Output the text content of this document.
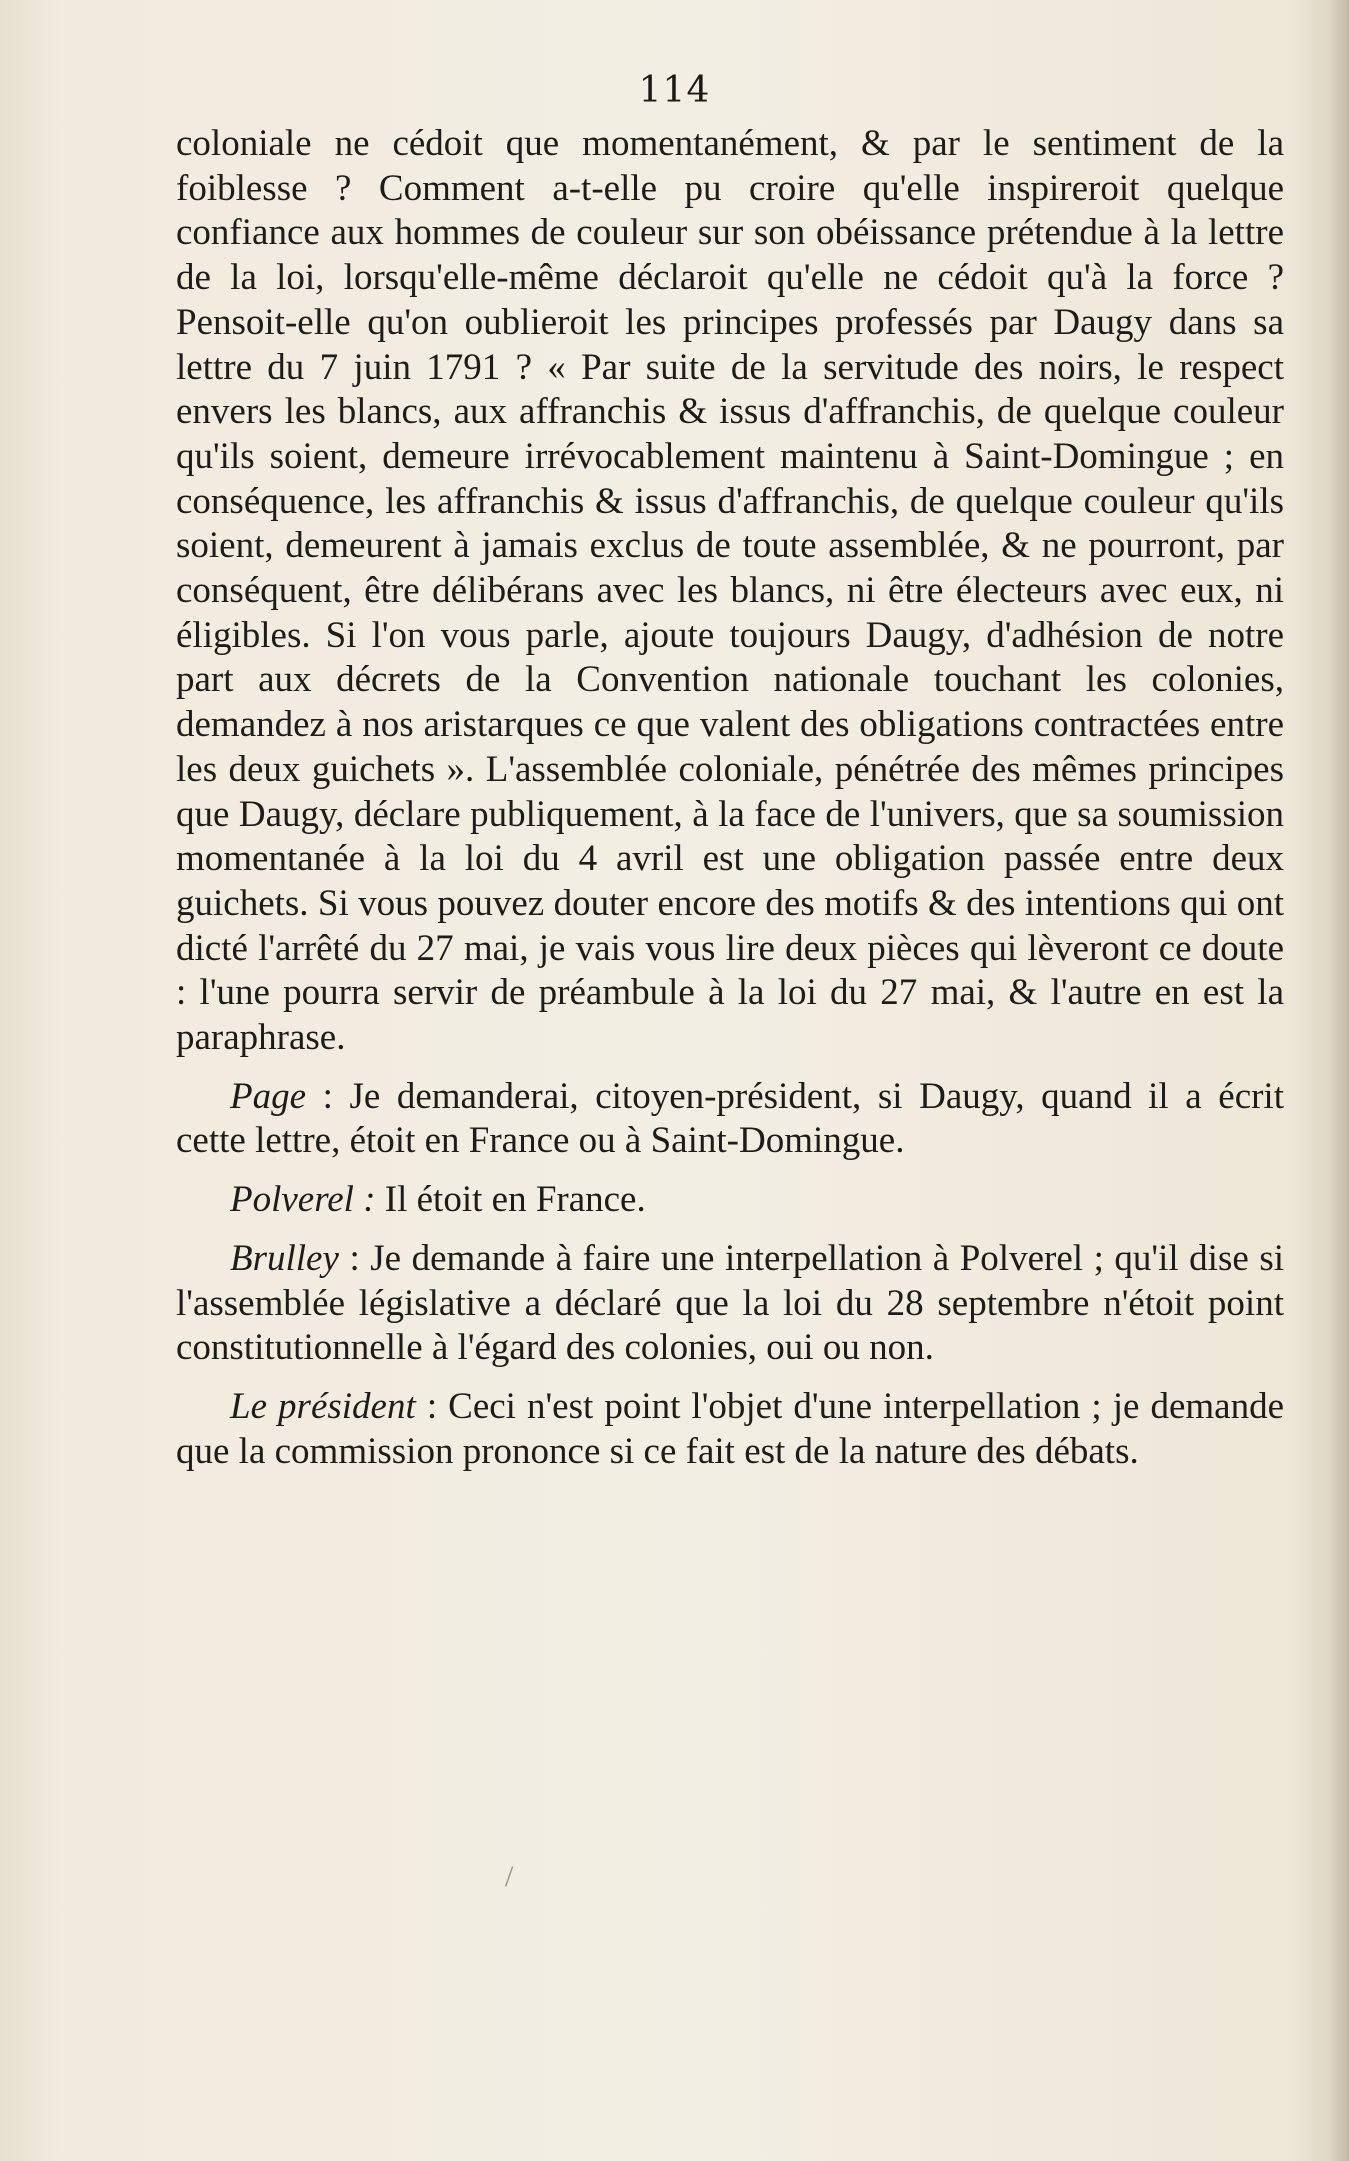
114

coloniale ne cédoit que momentanément, & par le sentiment de la foiblesse ? Comment a-t-elle pu croire qu'elle inspireroit quelque confiance aux hommes de couleur sur son obéissance prétendue à la lettre de la loi, lorsqu'elle-même déclaroit qu'elle ne cédoit qu'à la force ? Pensoit-elle qu'on oublieroit les principes professés par Daugy dans sa lettre du 7 juin 1791 ? « Par suite de la servitude des noirs, le respect envers les blancs, aux affranchis & issus d'affranchis, de quelque couleur qu'ils soient, demeure irrévocablement maintenu à Saint-Domingue ; en conséquence, les affranchis & issus d'affranchis, de quelque couleur qu'ils soient, demeurent à jamais exclus de toute assemblée, & ne pourront, par conséquent, être délibérans avec les blancs, ni être électeurs avec eux, ni éligibles. Si l'on vous parle, ajoute toujours Daugy, d'adhésion de notre part aux décrets de la Convention nationale touchant les colonies, demandez à nos aristarques ce que valent des obligations contractées entre les deux guichets ». L'assemblée coloniale, pénétrée des mêmes principes que Daugy, déclare publiquement, à la face de l'univers, que sa soumission momentanée à la loi du 4 avril est une obligation passée entre deux guichets. Si vous pouvez douter encore des motifs & des intentions qui ont dicté l'arrêté du 27 mai, je vais vous lire deux pièces qui lèveront ce doute : l'une pourra servir de préambule à la loi du 27 mai, & l'autre en est la paraphrase.

Page : Je demanderai, citoyen-président, si Daugy, quand il a écrit cette lettre, étoit en France ou à Saint-Domingue.

Polverel : Il étoit en France.

Brulley : Je demande à faire une interpellation à Polverel ; qu'il dise si l'assemblée législative a déclaré que la loi du 28 septembre n'étoit point constitutionnelle à l'égard des colonies, oui ou non.

Le président : Ceci n'est point l'objet d'une interpellation ; je demande que la commission prononce si ce fait est de la nature des débats.

/
